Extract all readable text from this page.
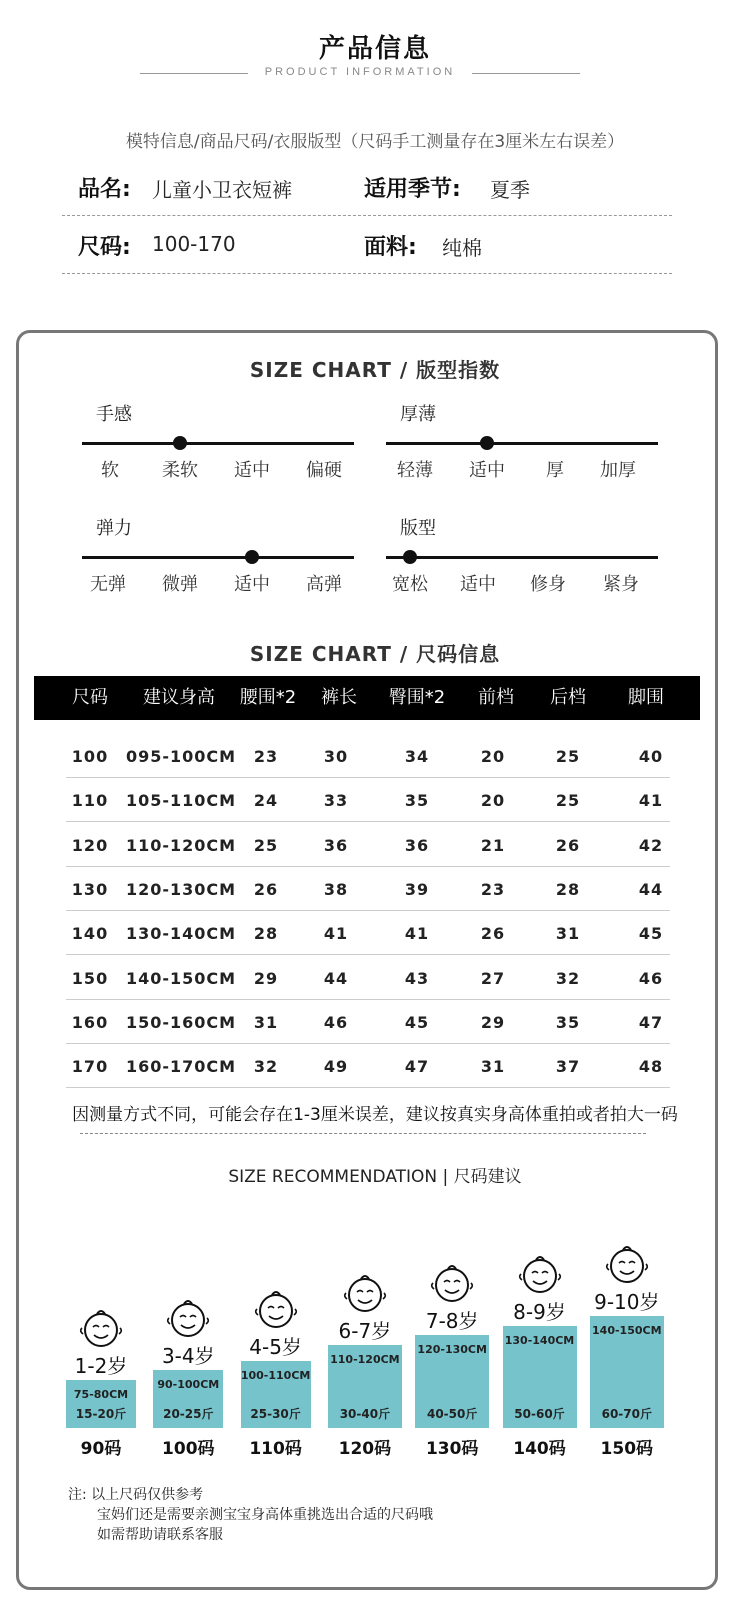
产品信息
PRODUCT INFORMATION
模特信息/商品尺码/衣服版型（尺码手工测量存在3厘米左右误差）
品名: 儿童小卫衣短裤	适用季节: 夏季
尺码: 100-170	面料: 纯棉
SIZE CHART / 版型指数
手感
软	柔软	适中	偏硬
厚薄
轻薄	适中	厚	加厚
弹力
无弹	微弹	适中	高弹
版型
宽松	适中	修身	紧身
SIZE CHART / 尺码信息
尺码	建议身高	腰围*2	裤长	臀围*2	前档	后档	脚围
100	095-100CM	23	30	34	20	25	40
110	105-110CM	24	33	35	20	25	41
120	110-120CM	25	36	36	21	26	42
130	120-130CM	26	38	39	23	28	44
140	130-140CM	28	41	41	26	31	45
150	140-150CM	29	44	43	27	32	46
160	150-160CM	31	46	45	29	35	47
170	160-170CM	32	49	47	31	37	48
因测量方式不同，可能会存在1-3厘米误差，建议按真实身高体重拍或者拍大一码
SIZE RECOMMENDATION | 尺码建议
75-80CM
15-20斤
1-2岁
90码
90-100CM
20-25斤
3-4岁
100码
100-110CM
25-30斤
4-5岁
110码
110-120CM
30-40斤
6-7岁
120码
120-130CM
40-50斤
7-8岁
130码
130-140CM
50-60斤
8-9岁
140码
140-150CM
60-70斤
9-10岁
150码
注: 以上尺码仅供参考
宝妈们还是需要亲测宝宝身高体重挑选出合适的尺码哦
如需帮助请联系客服
